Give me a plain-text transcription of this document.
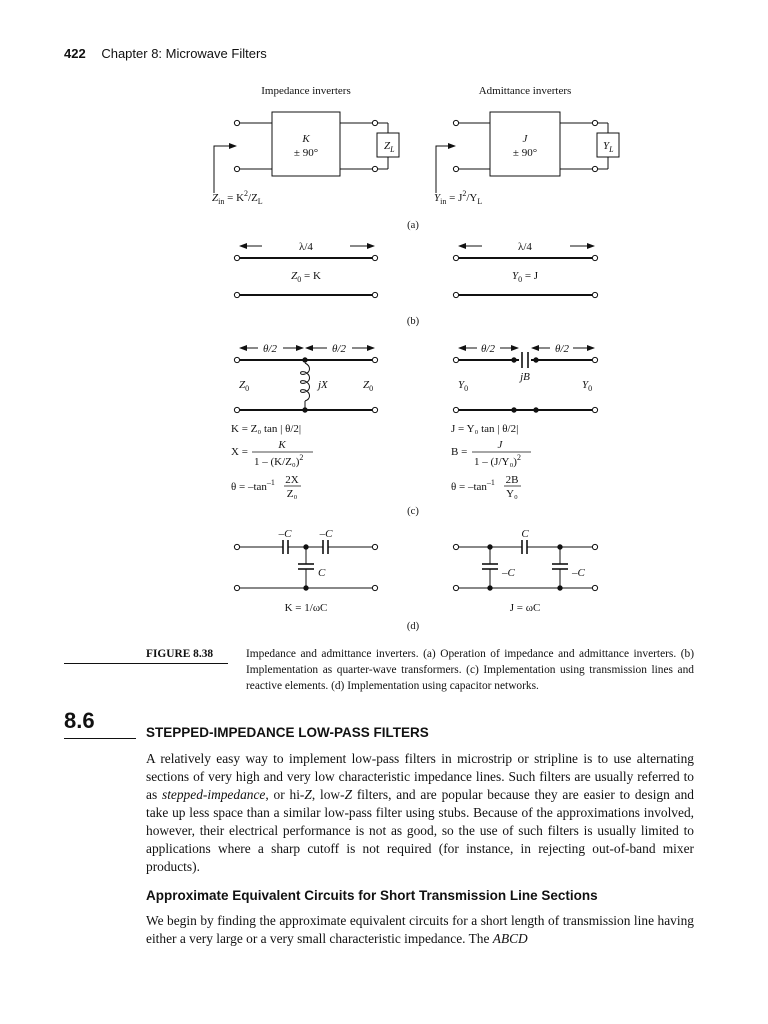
422 Chapter 8: Microwave Filters
Impedance inverters	Admittance inverters
K
± 90°
$Z_L$
$Z_{in} = K^2/Z_L$
J
± 90°
$Y_L$
$Y_{in} = J^2/Y_L$
(a)
λ/4
$Z_0 = K$
λ/4
$Y_0 = J$
(b)
θ/2	θ/2
jX
$Z_0$	$Z_0$
K = Z₀ tan | θ/2|
X =
K
$1 - (K/Z_0)^2$
$\theta = -\tan^{-1}$ 2X
Z₀
θ/2	θ/2
jB
$Y_0$	$Y_0$
J = Y₀ tan | θ/2|
B =
J
$1 - (J/Y_0)^2$
$\theta = -\tan^{-1}$ 2B
Y₀
(c)
–C	–C
C
K = 1/ωC
C
–C	–C
J = ωC
(d)
FIGURE 8.38	Impedance and admittance inverters. (a) Operation of impedance and admittance inverters. (b) Implementation as quarter-wave transformers. (c) Implementation using transmission lines and reactive elements. (d) Implementation using capacitor networks.
8.6	STEPPED-IMPEDANCE LOW-PASS FILTERS

A relatively easy way to implement low-pass filters in microstrip or stripline is to use alternating sections of very high and very low characteristic impedance lines. Such filters are usually referred to as stepped-impedance, or hi-Z, low-Z filters, and are popular because they are easier to design and take up less space than a similar low-pass filter using stubs. Because of the approximations involved, however, their electrical performance is not as good, so the use of such filters is usually limited to applications where a sharp cutoff is not required (for instance, in rejecting out-of-band mixer products).

Approximate Equivalent Circuits for Short Transmission Line Sections

We begin by finding the approximate equivalent circuits for a short length of transmission line having either a very large or a very small characteristic impedance. The ABCD
